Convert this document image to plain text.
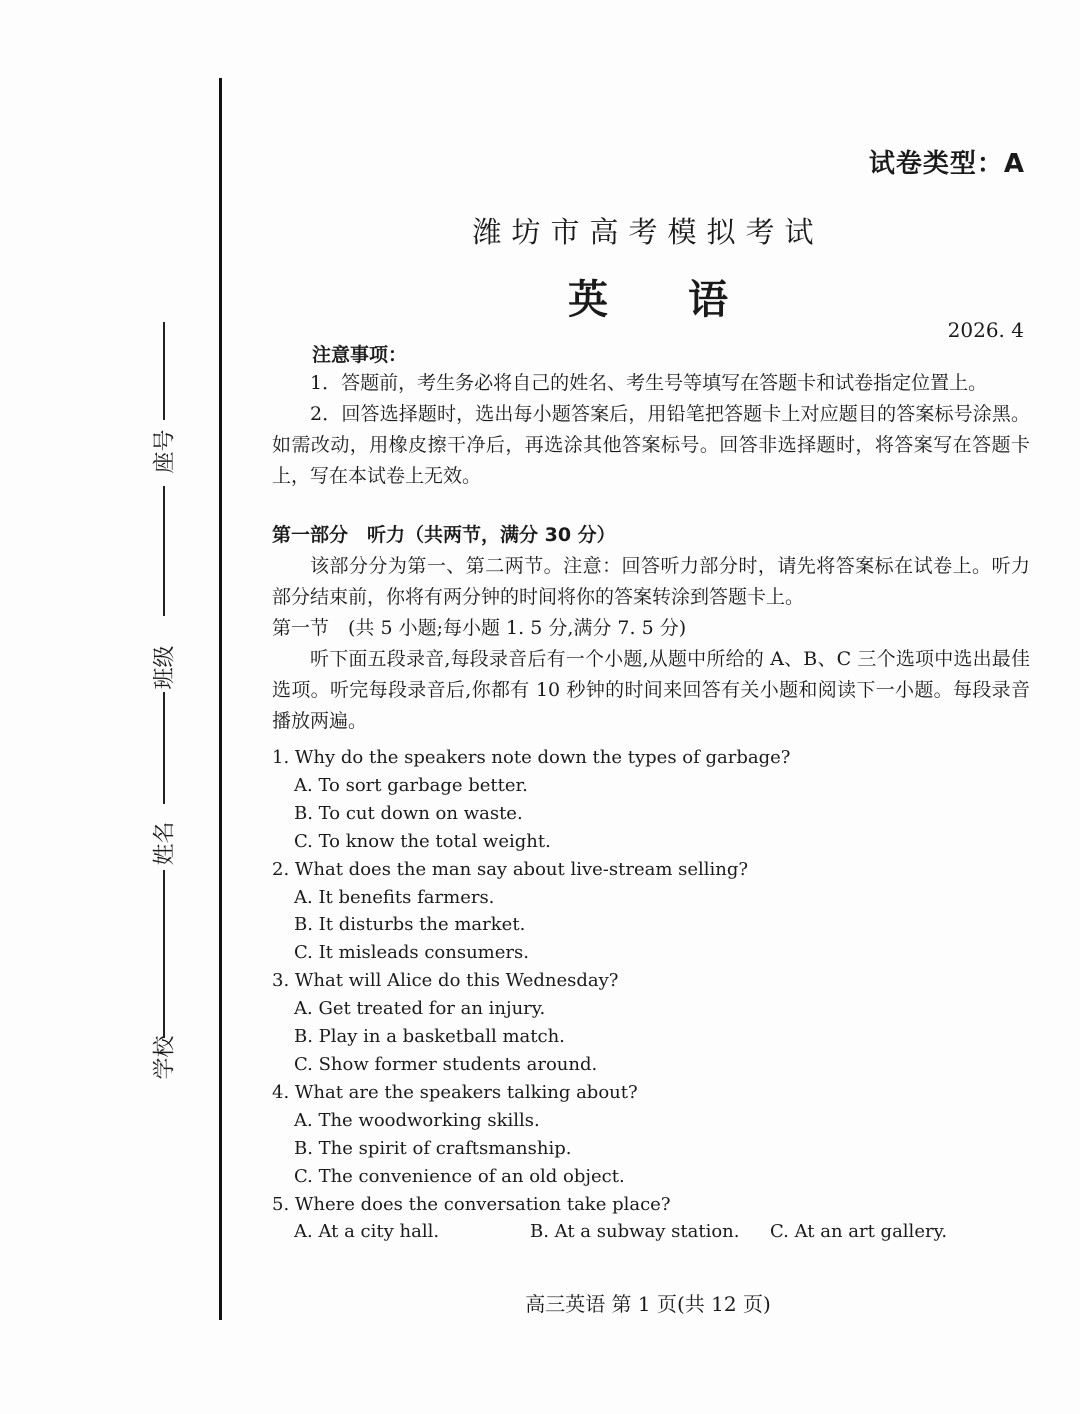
座号
班级
姓名
学校
试卷类型：A
潍坊市高考模拟考试
英语
2026. 4
注意事项：

1．答题前，考生务必将自己的姓名、考生号等填写在答题卡和试卷指定位置上。

2．回答选择题时，选出每小题答案后，用铅笔把答题卡上对应题目的答案标号涂黑。如需改动，用橡皮擦干净后，再选涂其他答案标号。回答非选择题时，将答案写在答题卡上，写在本试卷上无效。

第一部分　听力（共两节，满分 30 分）

该部分分为第一、第二两节。注意：回答听力部分时，请先将答案标在试卷上。听力部分结束前，你将有两分钟的时间将你的答案转涂到答题卡上。

第一节　(共 5 小题;每小题 1. 5 分,满分 7. 5 分)

听下面五段录音,每段录音后有一个小题,从题中所给的 A、B、C 三个选项中选出最佳选项。听完每段录音后,你都有 10 秒钟的时间来回答有关小题和阅读下一小题。每段录音播放两遍。

1. Why do the speakers note down the types of garbage?

A. To sort garbage better.

B. To cut down on waste.

C. To know the total weight.

2. What does the man say about live-stream selling?

A. It benefits farmers.

B. It disturbs the market.

C. It misleads consumers.

3. What will Alice do this Wednesday?

A. Get treated for an injury.

B. Play in a basketball match.

C. Show former students around.

4. What are the speakers talking about?

A. The woodworking skills.

B. The spirit of craftsmanship.

C. The convenience of an old object.

5. Where does the conversation take place?

A. At a city hall.	B. At a subway station.	C. At an art gallery.
高三英语 第 1 页(共 12 页)
